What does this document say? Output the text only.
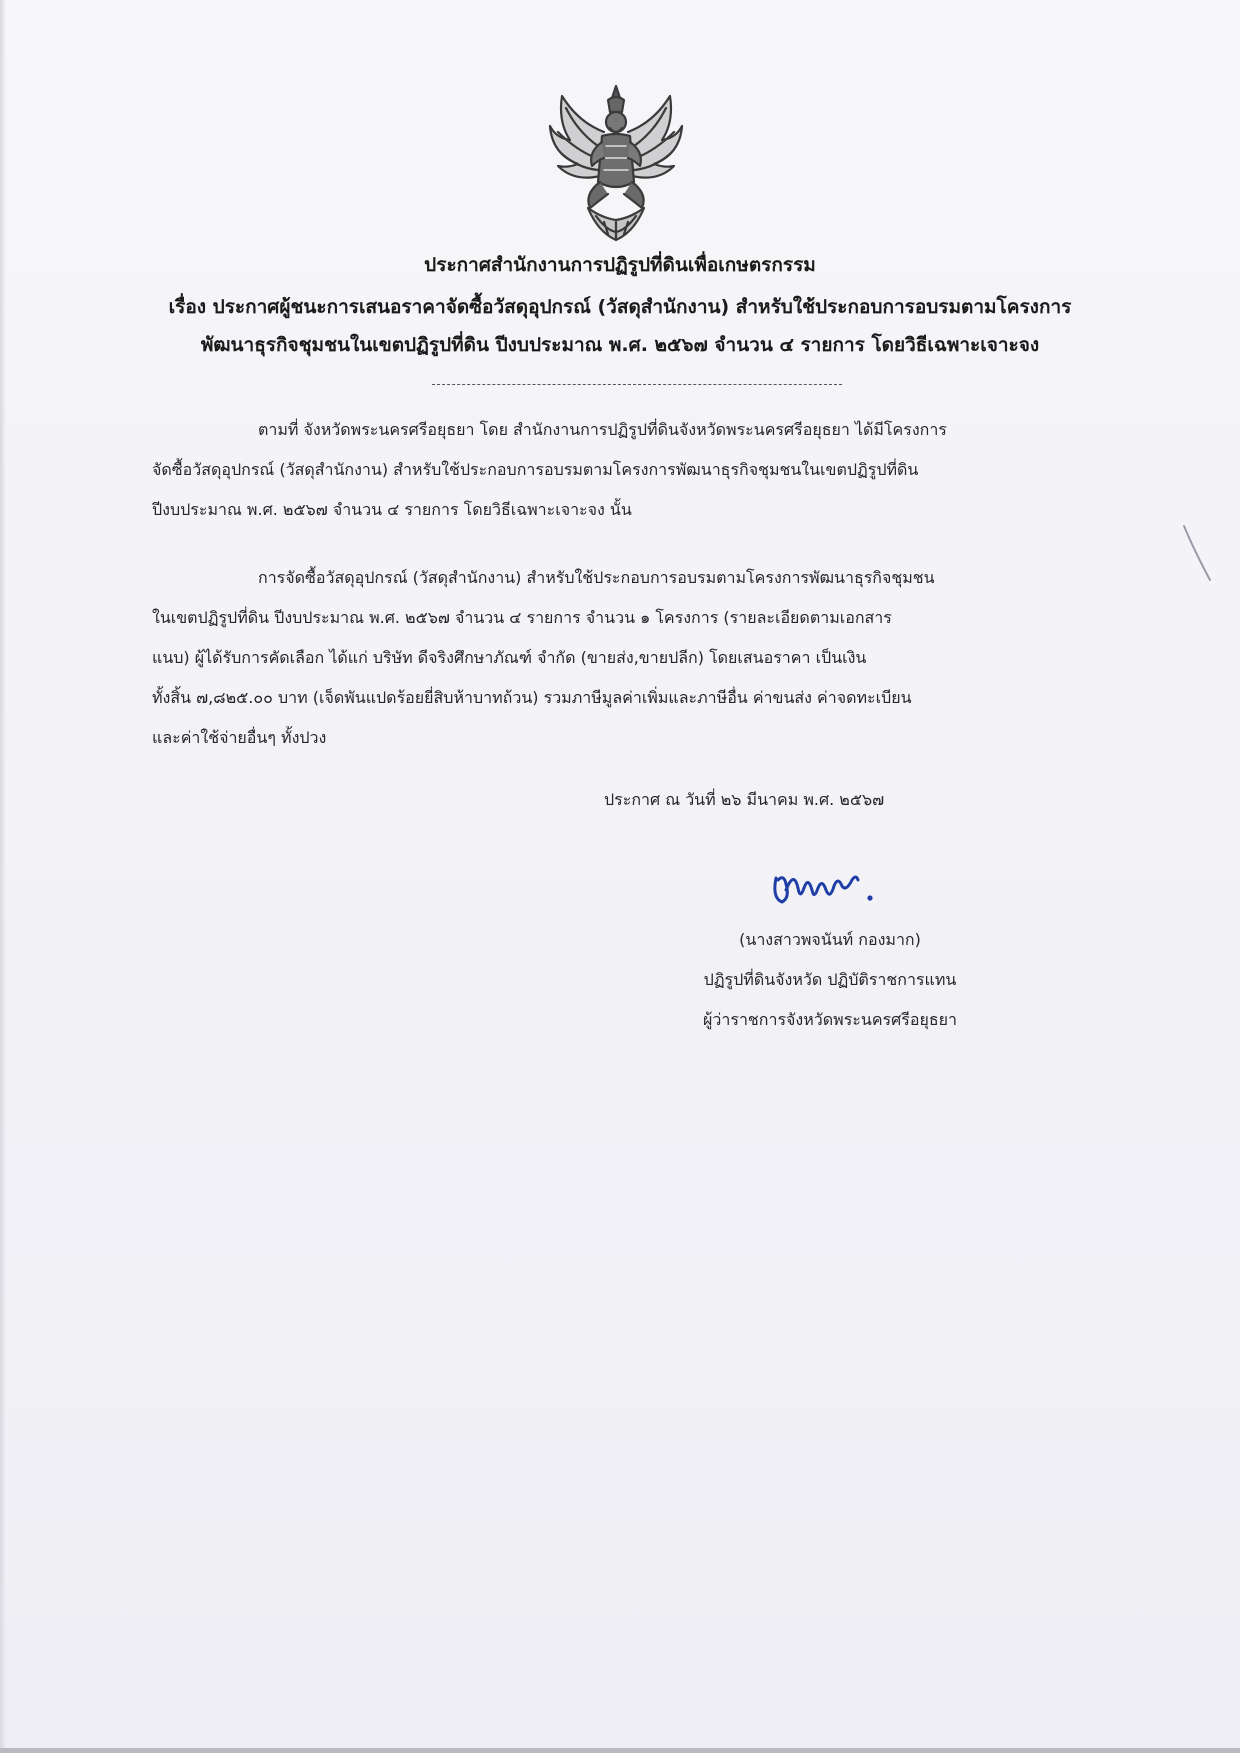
ประกาศสำนักงานการปฏิรูปที่ดินเพื่อเกษตรกรรม

เรื่อง ประกาศผู้ชนะการเสนอราคาจัดซื้อวัสดุอุปกรณ์ (วัสดุสำนักงาน) สำหรับใช้ประกอบการอบรมตามโครงการ

พัฒนาธุรกิจชุมชนในเขตปฏิรูปที่ดิน ปีงบประมาณ พ.ศ. ๒๕๖๗ จำนวน ๔ รายการ โดยวิธีเฉพาะเจาะจง

ตามที่ จังหวัดพระนครศรีอยุธยา โดย สำนักงานการปฏิรูปที่ดินจังหวัดพระนครศรีอยุธยา ได้มีโครงการ

จัดซื้อวัสดุอุปกรณ์ (วัสดุสำนักงาน) สำหรับใช้ประกอบการอบรมตามโครงการพัฒนาธุรกิจชุมชนในเขตปฏิรูปที่ดิน

ปีงบประมาณ พ.ศ. ๒๕๖๗ จำนวน ๔ รายการ โดยวิธีเฉพาะเจาะจง นั้น

การจัดซื้อวัสดุอุปกรณ์ (วัสดุสำนักงาน) สำหรับใช้ประกอบการอบรมตามโครงการพัฒนาธุรกิจชุมชน

ในเขตปฏิรูปที่ดิน ปีงบประมาณ พ.ศ. ๒๕๖๗ จำนวน ๔ รายการ จำนวน ๑ โครงการ (รายละเอียดตามเอกสาร

แนบ) ผู้ได้รับการคัดเลือก ได้แก่ บริษัท ดีจริงศึกษาภัณฑ์ จำกัด (ขายส่ง,ขายปลีก) โดยเสนอราคา เป็นเงิน

ทั้งสิ้น ๗,๘๒๕.๐๐ บาท (เจ็ดพันแปดร้อยยี่สิบห้าบาทถ้วน) รวมภาษีมูลค่าเพิ่มและภาษีอื่น ค่าขนส่ง ค่าจดทะเบียน

และค่าใช้จ่ายอื่นๆ ทั้งปวง

ประกาศ ณ วันที่ ๒๖ มีนาคม พ.ศ. ๒๕๖๗

(นางสาวพจนันท์ กองมาก)

ปฏิรูปที่ดินจังหวัด ปฏิบัติราชการแทน

ผู้ว่าราชการจังหวัดพระนครศรีอยุธยา
